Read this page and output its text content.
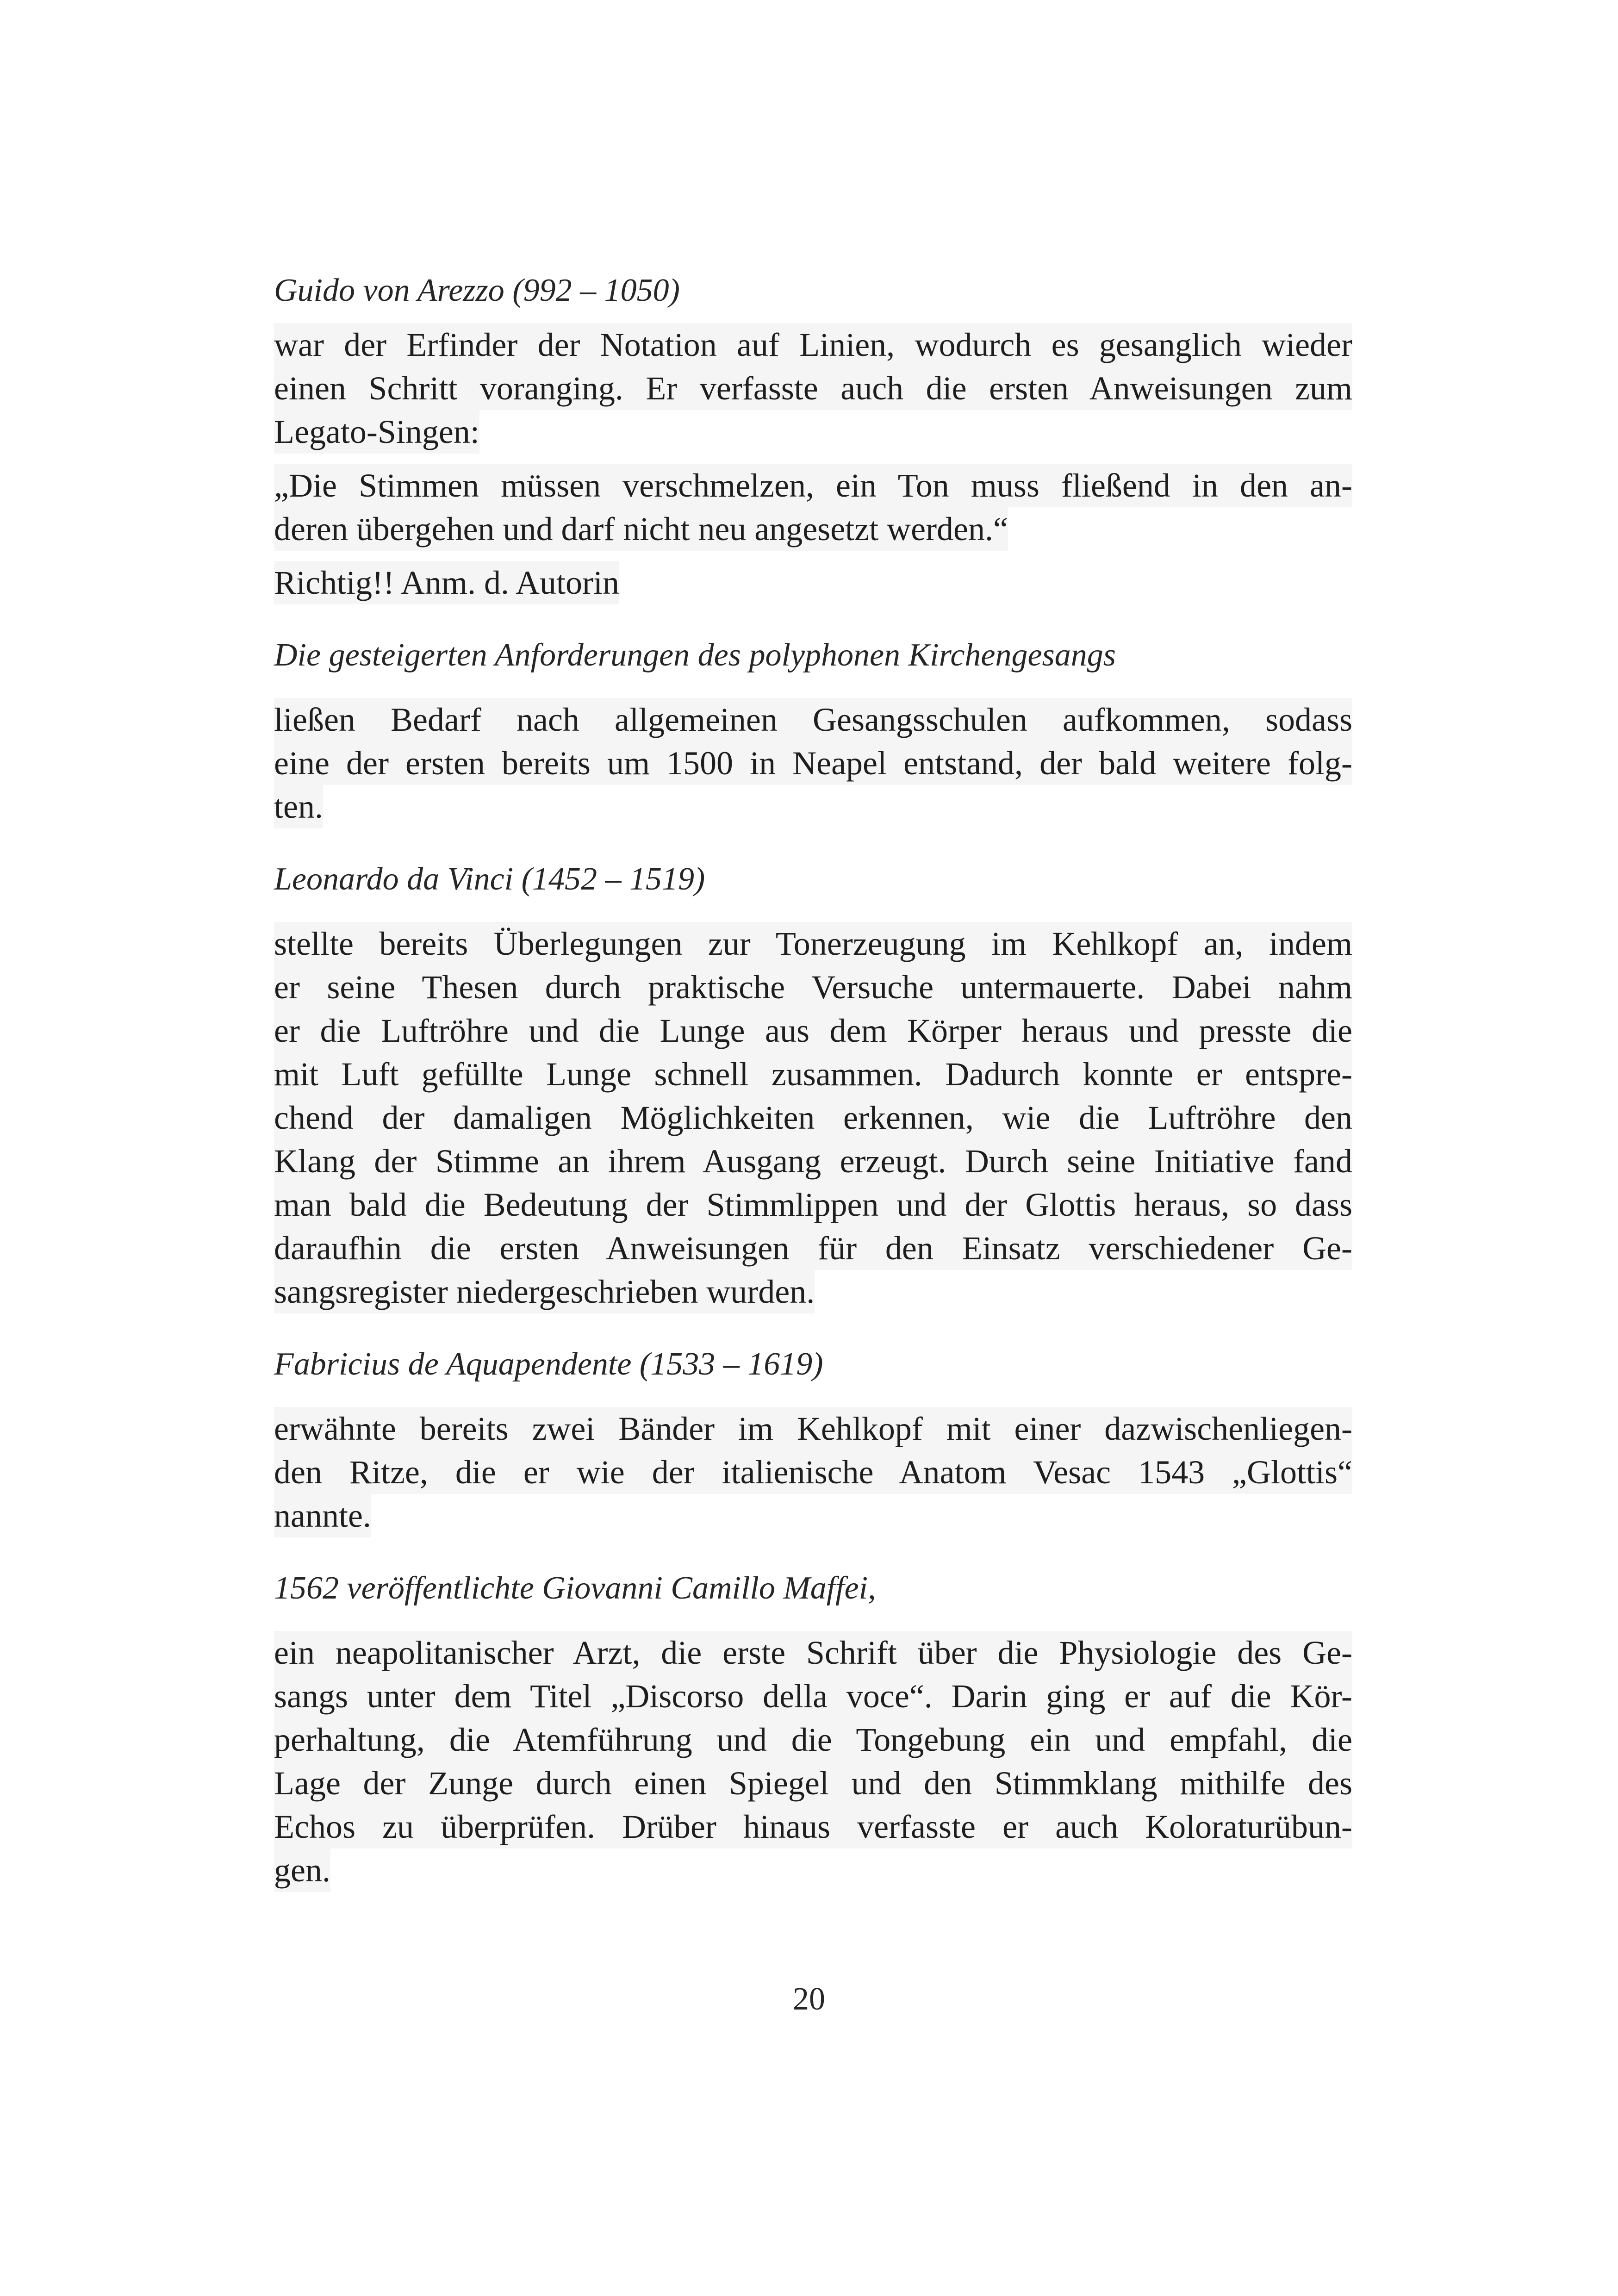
Guido von Arezzo (992 – 1050)

war der Erfinder der Notation auf Linien, wodurch es gesanglich wieder
einen Schritt voranging. Er verfasste auch die ersten Anweisungen zum
Legato-Singen:

„Die Stimmen müssen verschmelzen, ein Ton muss fließend in den an-
deren übergehen und darf nicht neu angesetzt werden.“

Richtig!! Anm. d. Autorin

Die gesteigerten Anforderungen des polyphonen Kirchengesangs

ließen Bedarf nach allgemeinen Gesangsschulen aufkommen, sodass
eine der ersten bereits um 1500 in Neapel entstand, der bald weitere folg-
ten.

Leonardo da Vinci (1452 – 1519)

stellte bereits Überlegungen zur Tonerzeugung im Kehlkopf an, indem
er seine Thesen durch praktische Versuche untermauerte. Dabei nahm
er die Luftröhre und die Lunge aus dem Körper heraus und presste die
mit Luft gefüllte Lunge schnell zusammen. Dadurch konnte er entspre-
chend der damaligen Möglichkeiten erkennen, wie die Luftröhre den
Klang der Stimme an ihrem Ausgang erzeugt. Durch seine Initiative fand
man bald die Bedeutung der Stimmlippen und der Glottis heraus, so dass
daraufhin die ersten Anweisungen für den Einsatz verschiedener Ge-
sangsregister niedergeschrieben wurden.

Fabricius de Aquapendente (1533 – 1619)

erwähnte bereits zwei Bänder im Kehlkopf mit einer dazwischenliegen-
den Ritze, die er wie der italienische Anatom Vesac 1543 „Glottis“
nannte.

1562 veröffentlichte Giovanni Camillo Maffei,

ein neapolitanischer Arzt, die erste Schrift über die Physiologie des Ge-
sangs unter dem Titel „Discorso della voce“. Darin ging er auf die Kör-
perhaltung, die Atemführung und die Tongebung ein und empfahl, die
Lage der Zunge durch einen Spiegel und den Stimmklang mithilfe des
Echos zu überprüfen. Drüber hinaus verfasste er auch Koloraturübun-
gen.

20
